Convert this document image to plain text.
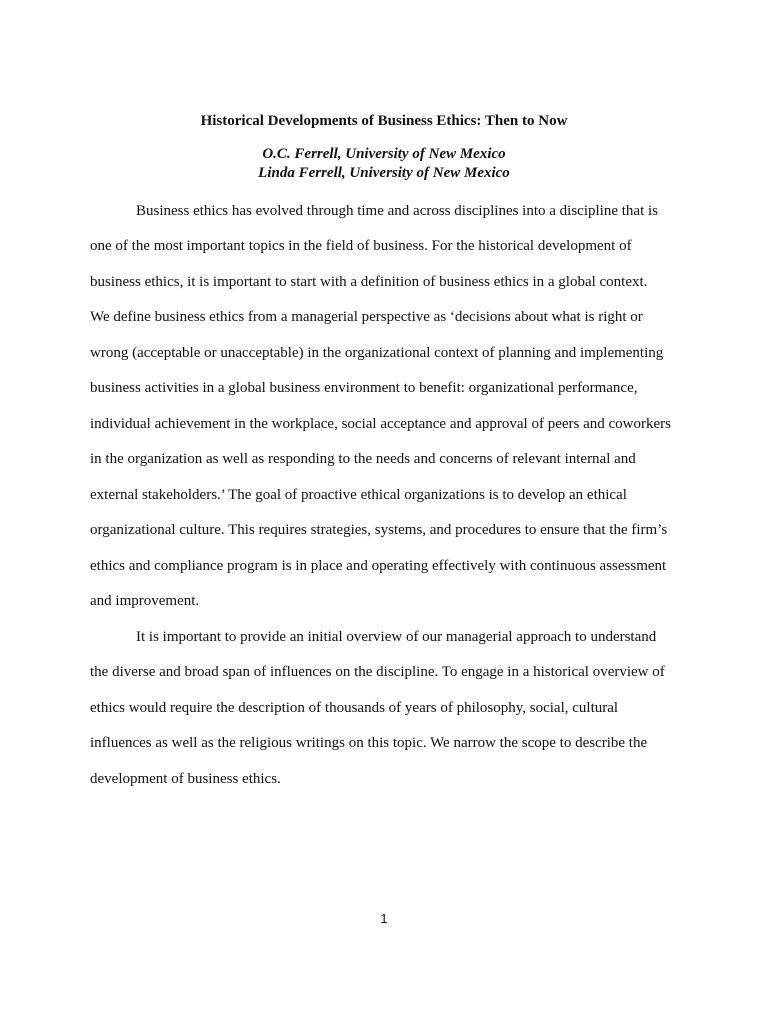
Historical Developments of Business Ethics: Then to Now
O.C. Ferrell, University of New Mexico
Linda Ferrell, University of New Mexico
Business ethics has evolved through time and across disciplines into a discipline that is
one of the most important topics in the field of business. For the historical development of
business ethics, it is important to start with a definition of business ethics in a global context.
We define business ethics from a managerial perspective as ‘decisions about what is right or
wrong (acceptable or unacceptable) in the organizational context of planning and implementing
business activities in a global business environment to benefit: organizational performance,
individual achievement in the workplace, social acceptance and approval of peers and coworkers
in the organization as well as responding to the needs and concerns of relevant internal and
external stakeholders.’ The goal of proactive ethical organizations is to develop an ethical
organizational culture. This requires strategies, systems, and procedures to ensure that the firm’s
ethics and compliance program is in place and operating effectively with continuous assessment
and improvement.
It is important to provide an initial overview of our managerial approach to understand
the diverse and broad span of influences on the discipline. To engage in a historical overview of
ethics would require the description of thousands of years of philosophy, social, cultural
influences as well as the religious writings on this topic. We narrow the scope to describe the
development of business ethics.
1
